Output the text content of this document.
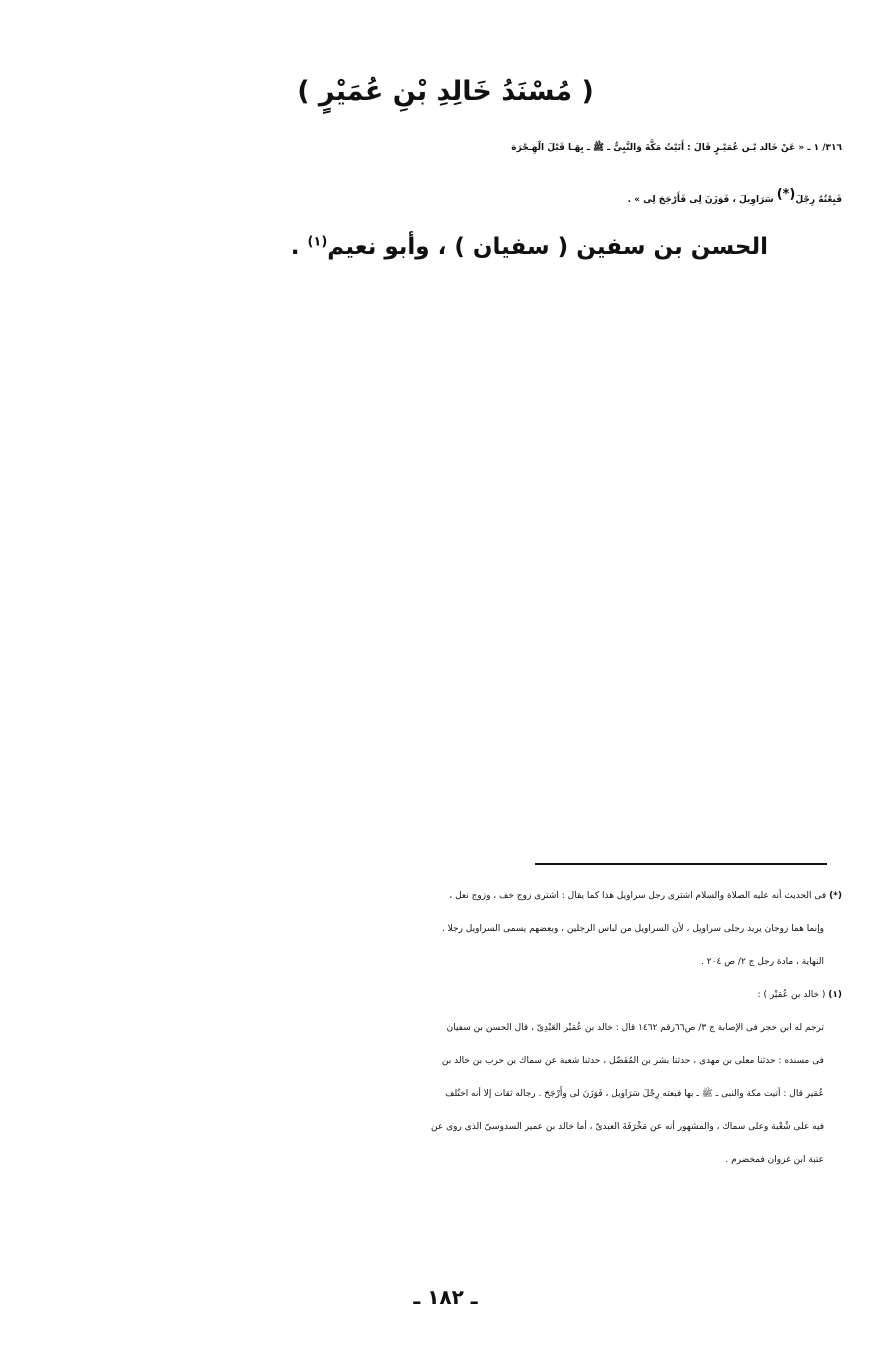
( مُسْنَدُ خَالِدِ بْنِ عُمَيْرٍ )

٣١٦/ ١ ـ « عَنْ خَالد بْـن عُمَيْـرٍ قَالَ : أَتَيْتُ مَكَّةَ وَالنَّبِىُّ ـ ﷺ ـ بِهَـا قَبْلَ الْهِـجْرَة
فَبِعْتُهُ رِجْلَ(*) سَرَاوِيلَ ، فَوَزَنَ لِى فَأَرْجَحَ لِى » .

الحسن بن سفين ( سفيان ) ، وأبو نعيم$^{(١)}$ .
(*) فى الحديث أنه عليه الصلاة والسلام اشترى رجل سراويل هذا كما يقال : اشترى زوج خف ، وزوج نعل ،
وإنما هما زوجان يريد رجلى سراويل ، لأن السراويل من لباس الرجلين ، وبعضهم يسمى السراويل رجلا .
النهاية ، مادة رجل ج ٢/ ص ٢٠٤ .
(١) ( خالد بن عُمَيْر ) :
ترجم له ابن حجر فى الإصابة ج ٣/ ص٦٦رقم ١٤٦٢ قال : خالد بن عُمَيْر العَبْدِىّ ، قال الحسن بن سفيان
فى مسنده : حدثنا معلى بن مهدى ، حدثنا بشر بن المُفَضّل ، حدثنا شعبة عن سماك بن حرب بن خالد بن
عُمَير قال : أتيت مكة والنبى ـ ﷺ ـ بها فبعته رِجْلَ سَرَاويل ، فَوَزَنَ لى وأَرْجَحَ . رجاله ثقات إلا أنه اختُلف
فيه على شُعْبة وعلى سماك ، والمشهور أنه عن مَخْرَفَةَ العبدىّ ، أما خالد بن عمير السدوسىّ الذى روى عن
عتبة ابن غزوان فمخضرم .
ـ ١٨٢ ـ
